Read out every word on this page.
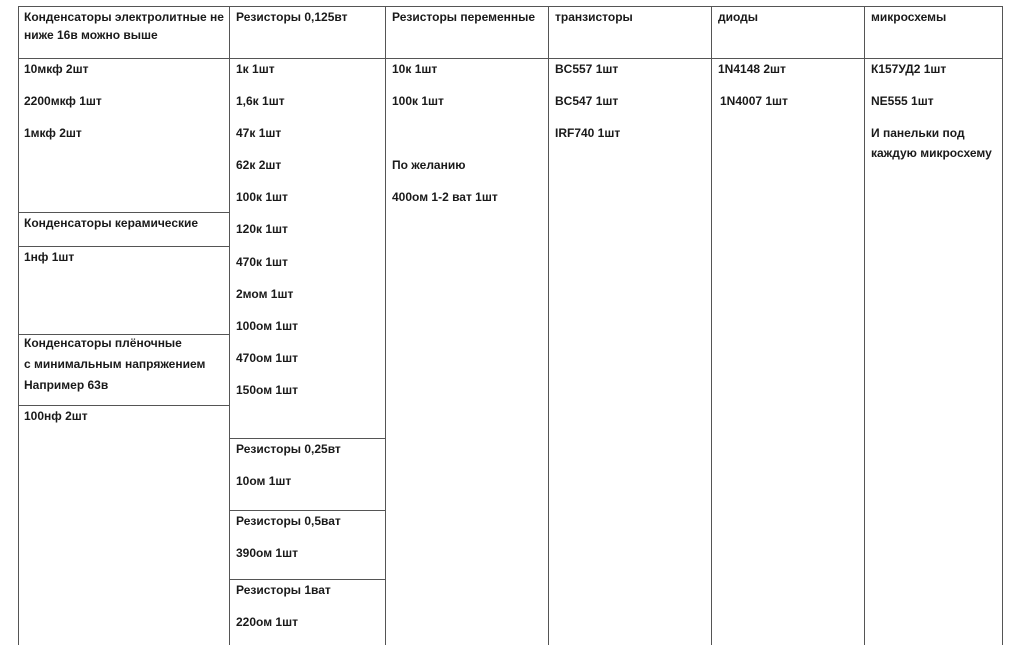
Конденсаторы электролитные не
ниже 16в можно выше
10мкф 2шт
2200мкф 1шт
1мкф 2шт
Конденсаторы керамические
1нф 1шт
Конденсаторы плёночные
с минимальным напряжением
Например 63в
100нф 2шт
Резисторы 0,125вт
1к 1шт
1,6к 1шт
47к 1шт
62к 2шт
100к 1шт
120к 1шт
470к 1шт
2мом 1шт
100ом 1шт
470ом 1шт
150ом 1шт
Резисторы 0,25вт
10ом 1шт
Резисторы 0,5ват
390ом 1шт
Резисторы 1ват
220ом 1шт
Резисторы переменные
10к 1шт
100к 1шт
По желанию
400ом 1-2 ват 1шт
транзисторы
BC557 1шт
BC547 1шт
IRF740 1шт
диоды
1N4148 2шт
1N4007 1шт
микросхемы
К157УД2 1шт
NE555 1шт
И панельки под
каждую микросхему
